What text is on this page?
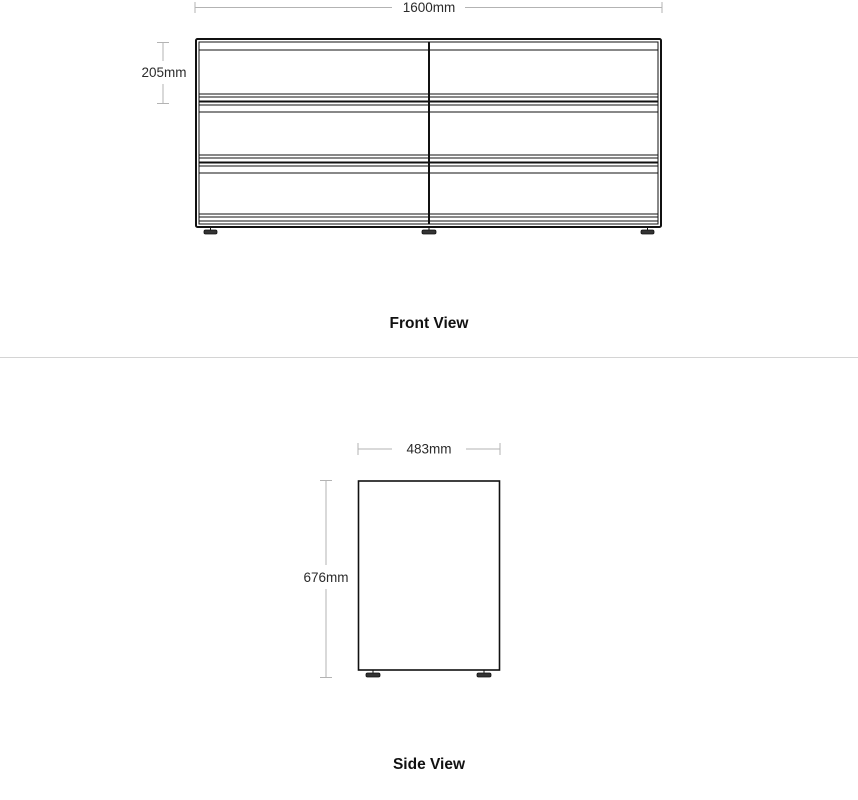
1600mm
205mm
Front View
483mm
676mm
Side View
